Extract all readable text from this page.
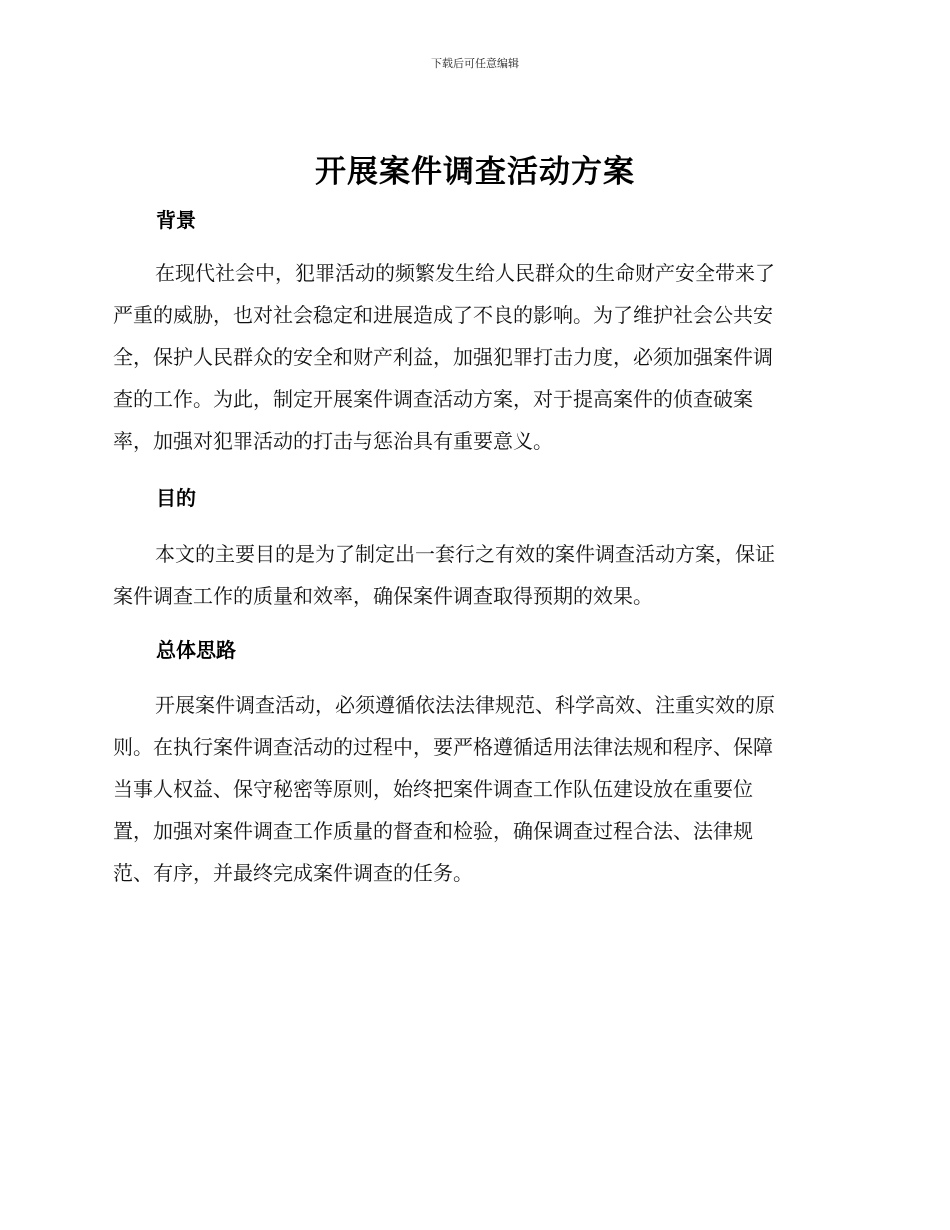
下载后可任意编辑
开展案件调查活动方案
背景
在现代社会中，犯罪活动的频繁发生给人民群众的生命财产安全带来了
严重的威胁，也对社会稳定和进展造成了不良的影响。为了维护社会公共安
全，保护人民群众的安全和财产利益，加强犯罪打击力度，必须加强案件调
查的工作。为此，制定开展案件调查活动方案，对于提高案件的侦查破案
率，加强对犯罪活动的打击与惩治具有重要意义。
目的
本文的主要目的是为了制定出一套行之有效的案件调查活动方案，保证
案件调查工作的质量和效率，确保案件调查取得预期的效果。
总体思路
开展案件调查活动，必须遵循依法法律规范、科学高效、注重实效的原
则。在执行案件调查活动的过程中，要严格遵循适用法律法规和程序、保障
当事人权益、保守秘密等原则，始终把案件调查工作队伍建设放在重要位
置，加强对案件调查工作质量的督查和检验，确保调查过程合法、法律规
范、有序，并最终完成案件调查的任务。
